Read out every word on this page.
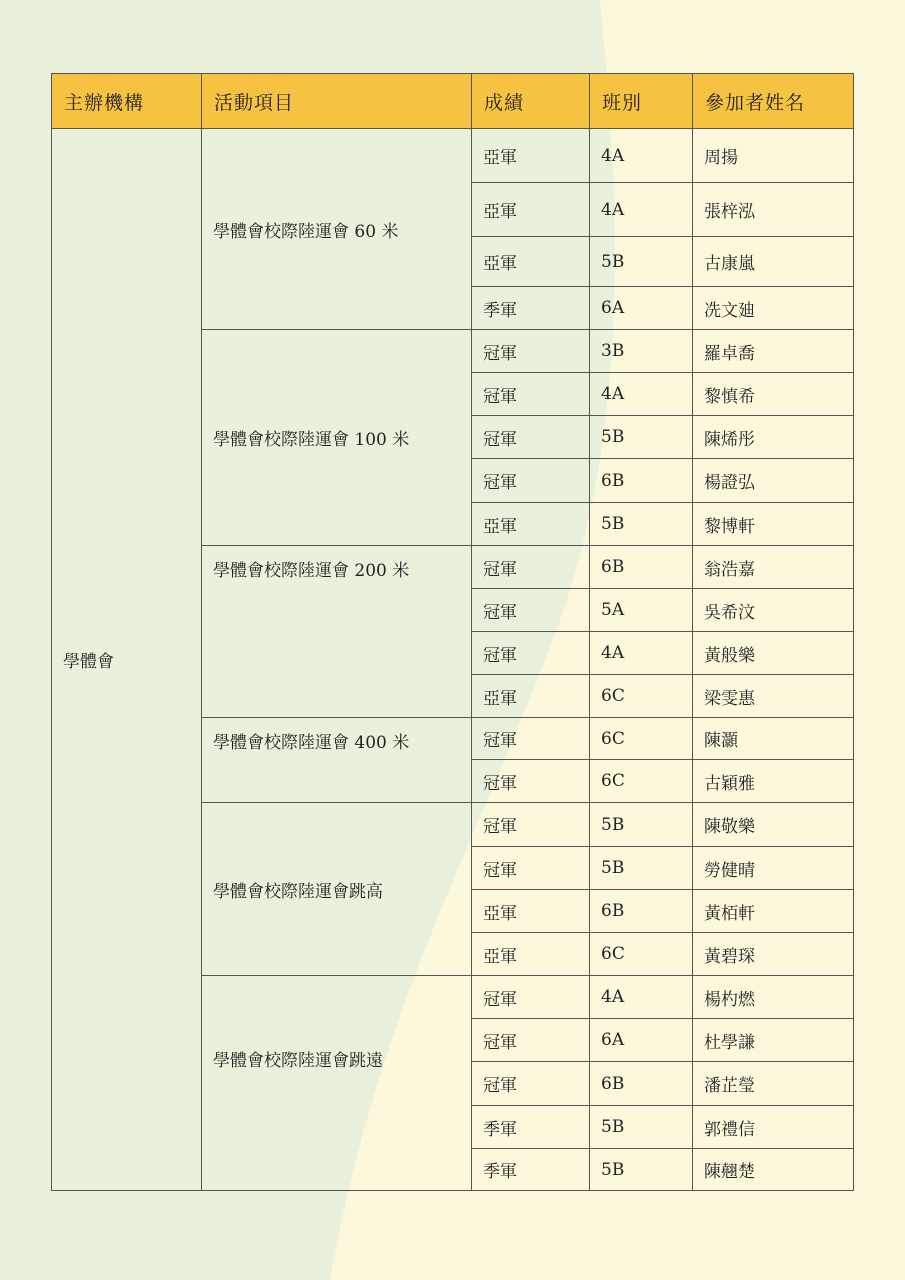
主辦機構	活動項目	成績	班別	參加者姓名
學體會	學體會校際陸運會 60 米	亞軍	4A	周揚
		亞軍	4A	張梓泓
		亞軍	5B	古康嵐
		季軍	6A	冼文廸
	學體會校際陸運會 100 米	冠軍	3B	羅卓喬
		冠軍	4A	黎慎希
		冠軍	5B	陳烯彤
		冠軍	6B	楊證弘
		亞軍	5B	黎博軒
	學體會校際陸運會 200 米	冠軍	6B	翁浩嘉
		冠軍	5A	吳希汶
		冠軍	4A	黃般樂
		亞軍	6C	梁雯惠
	學體會校際陸運會 400 米	冠軍	6C	陳灝
		冠軍	6C	古穎雅
	學體會校際陸運會跳高	冠軍	5B	陳敬樂
		冠軍	5B	勞健晴
		亞軍	6B	黃栢軒
		亞軍	6C	黃碧琛
	學體會校際陸運會跳遠	冠軍	4A	楊杓燃
		冠軍	6A	杜學謙
		冠軍	6B	潘芷瑩
		季軍	5B	郭禮信
		季軍	5B	陳翹楚
